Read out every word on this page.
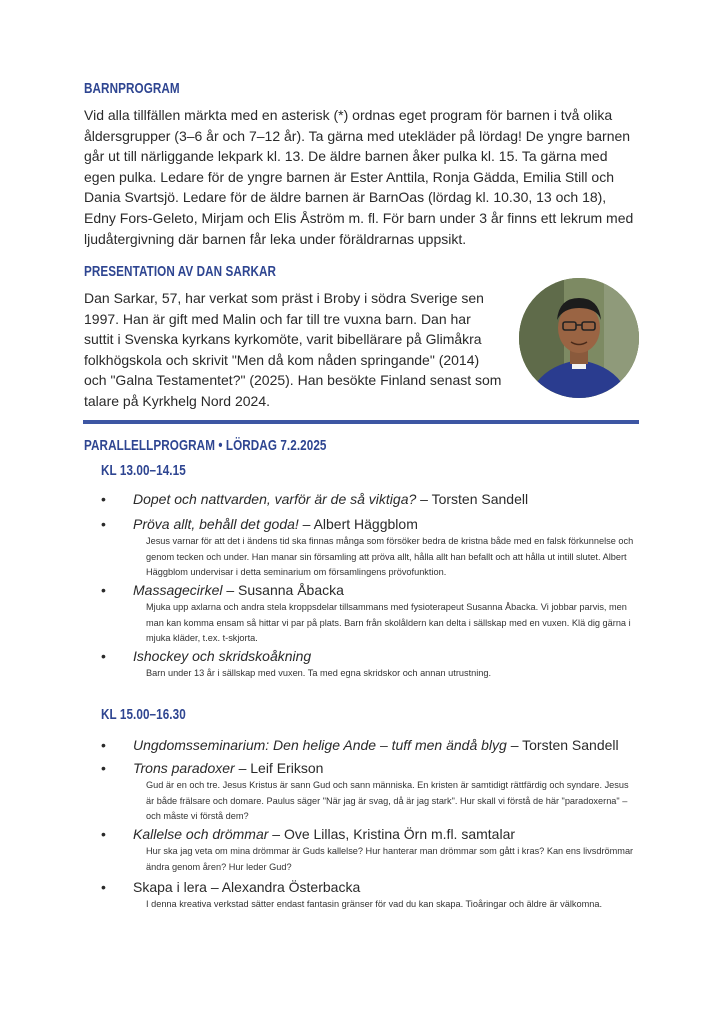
BARNPROGRAM
Vid alla tillfällen märkta med en asterisk (*) ordnas eget program för barnen i två olika åldersgrupper (3–6 år och 7–12 år). Ta gärna med utekläder på lördag! De yngre barnen går ut till närliggande lekpark kl. 13. De äldre barnen åker pulka kl. 15. Ta gärna med egen pulka. Ledare för de yngre barnen är Ester Anttila, Ronja Gädda, Emilia Still och Dania Svartsjö. Ledare för de äldre barnen är BarnOas (lördag kl. 10.30, 13 och 18), Edny Fors-Geleto, Mirjam och Elis Åström m. fl. För barn under 3 år finns ett lekrum med ljudåtergivning där barnen får leka under föräldrarnas uppsikt.
PRESENTATION AV DAN SARKAR
Dan Sarkar, 57, har verkat som präst i Broby i södra Sverige sen 1997. Han är gift med Malin och far till tre vuxna barn. Dan har suttit i Svenska kyrkans kyrkomöte, varit bibellärare på Glimåkra folkhögskola och skrivit "Men då kom nåden springande" (2014) och "Galna Testamentet?" (2025). Han besökte Finland senast som talare på Kyrkhelg Nord 2024.
PARALLELLPROGRAM • LÖRDAG 7.2.2025
KL 13.00–14.15
• Dopet och nattvarden, varför är de så viktiga? – Torsten Sandell
• Pröva allt, behåll det goda! – Albert Häggblom
Jesus varnar för att det i ändens tid ska finnas många som försöker bedra de kristna både med en falsk förkunnelse och genom tecken och under. Han manar sin församling att pröva allt, hålla allt han befallt och att hålla ut intill slutet. Albert Häggblom undervisar i detta seminarium om församlingens prövofunktion.
• Massagecirkel – Susanna Åbacka
Mjuka upp axlarna och andra stela kroppsdelar tillsammans med fysioterapeut Susanna Åbacka. Vi jobbar parvis, men man kan komma ensam så hittar vi par på plats. Barn från skolåldern kan delta i sällskap med en vuxen. Klä dig gärna i mjuka kläder, t.ex. t-skjorta.
• Ishockey och skridskoåkning
Barn under 13 år i sällskap med vuxen. Ta med egna skridskor och annan utrustning.
KL 15.00–16.30
• Ungdomsseminarium: Den helige Ande – tuff men ändå blyg – Torsten Sandell
• Trons paradoxer – Leif Erikson
Gud är en och tre. Jesus Kristus är sann Gud och sann människa. En kristen är samtidigt rättfärdig och syndare. Jesus är både frälsare och domare. Paulus säger "När jag är svag, då är jag stark". Hur skall vi förstå de här "paradoxerna" – och måste vi förstå dem?
• Kallelse och drömmar – Ove Lillas, Kristina Örn m.fl. samtalar
Hur ska jag veta om mina drömmar är Guds kallelse? Hur hanterar man drömmar som gått i kras? Kan ens livsdrömmar ändra genom åren? Hur leder Gud?
• Skapa i lera – Alexandra Österbacka
I denna kreativa verkstad sätter endast fantasin gränser för vad du kan skapa. Tioåringar och äldre är välkomna.
